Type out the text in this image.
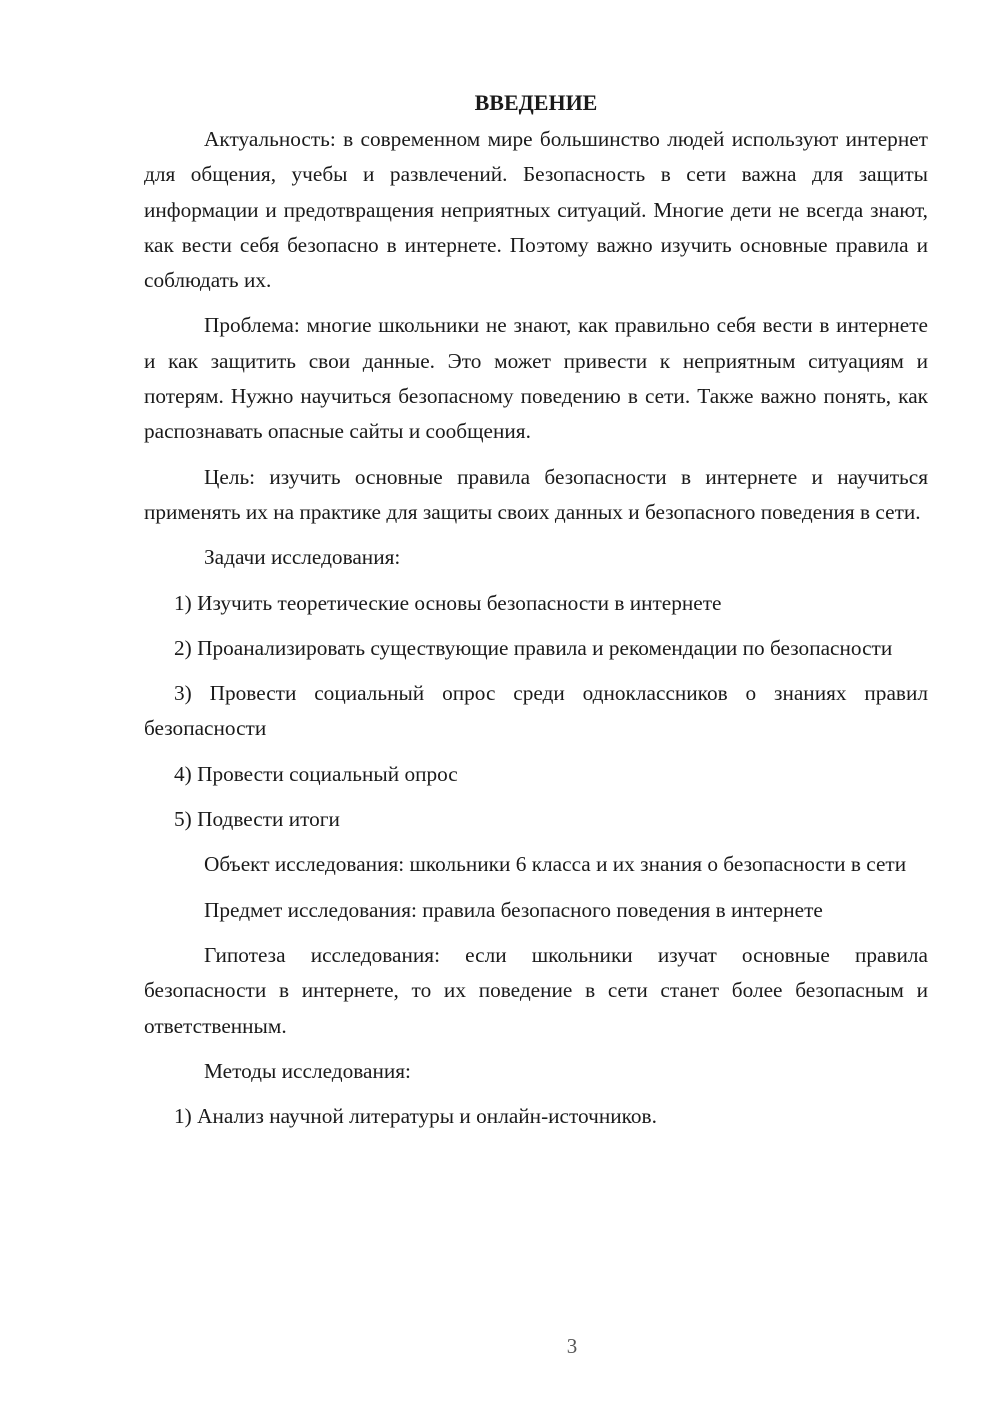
ВВЕДЕНИЕ

Актуальность: в современном мире большинство людей используют интернет для общения, учебы и развлечений. Безопасность в сети важна для защиты информации и предотвращения неприятных ситуаций. Многие дети не всегда знают, как вести себя безопасно в интернете. Поэтому важно изучить основные правила и соблюдать их.

Проблема: многие школьники не знают, как правильно себя вести в интернете и как защитить свои данные. Это может привести к неприятным ситуациям и потерям. Нужно научиться безопасному поведению в сети. Также важно понять, как распознавать опасные сайты и сообщения.

Цель: изучить основные правила безопасности в интернете и научиться применять их на практике для защиты своих данных и безопасного поведения в сети.

Задачи исследования:

1) Изучить теоретические основы безопасности в интернете

2) Проанализировать существующие правила и рекомендации по безопасности

3) Провести социальный опрос среди одноклассников о знаниях правил безопасности

4) Провести социальный опрос

5) Подвести итоги

Объект исследования: школьники 6 класса и их знания о безопасности в сети

Предмет исследования: правила безопасного поведения в интернете

Гипотеза исследования: если школьники изучат основные правила безопасности в интернете, то их поведение в сети станет более безопасным и ответственным.

Методы исследования:

1) Анализ научной литературы и онлайн-источников.

3
